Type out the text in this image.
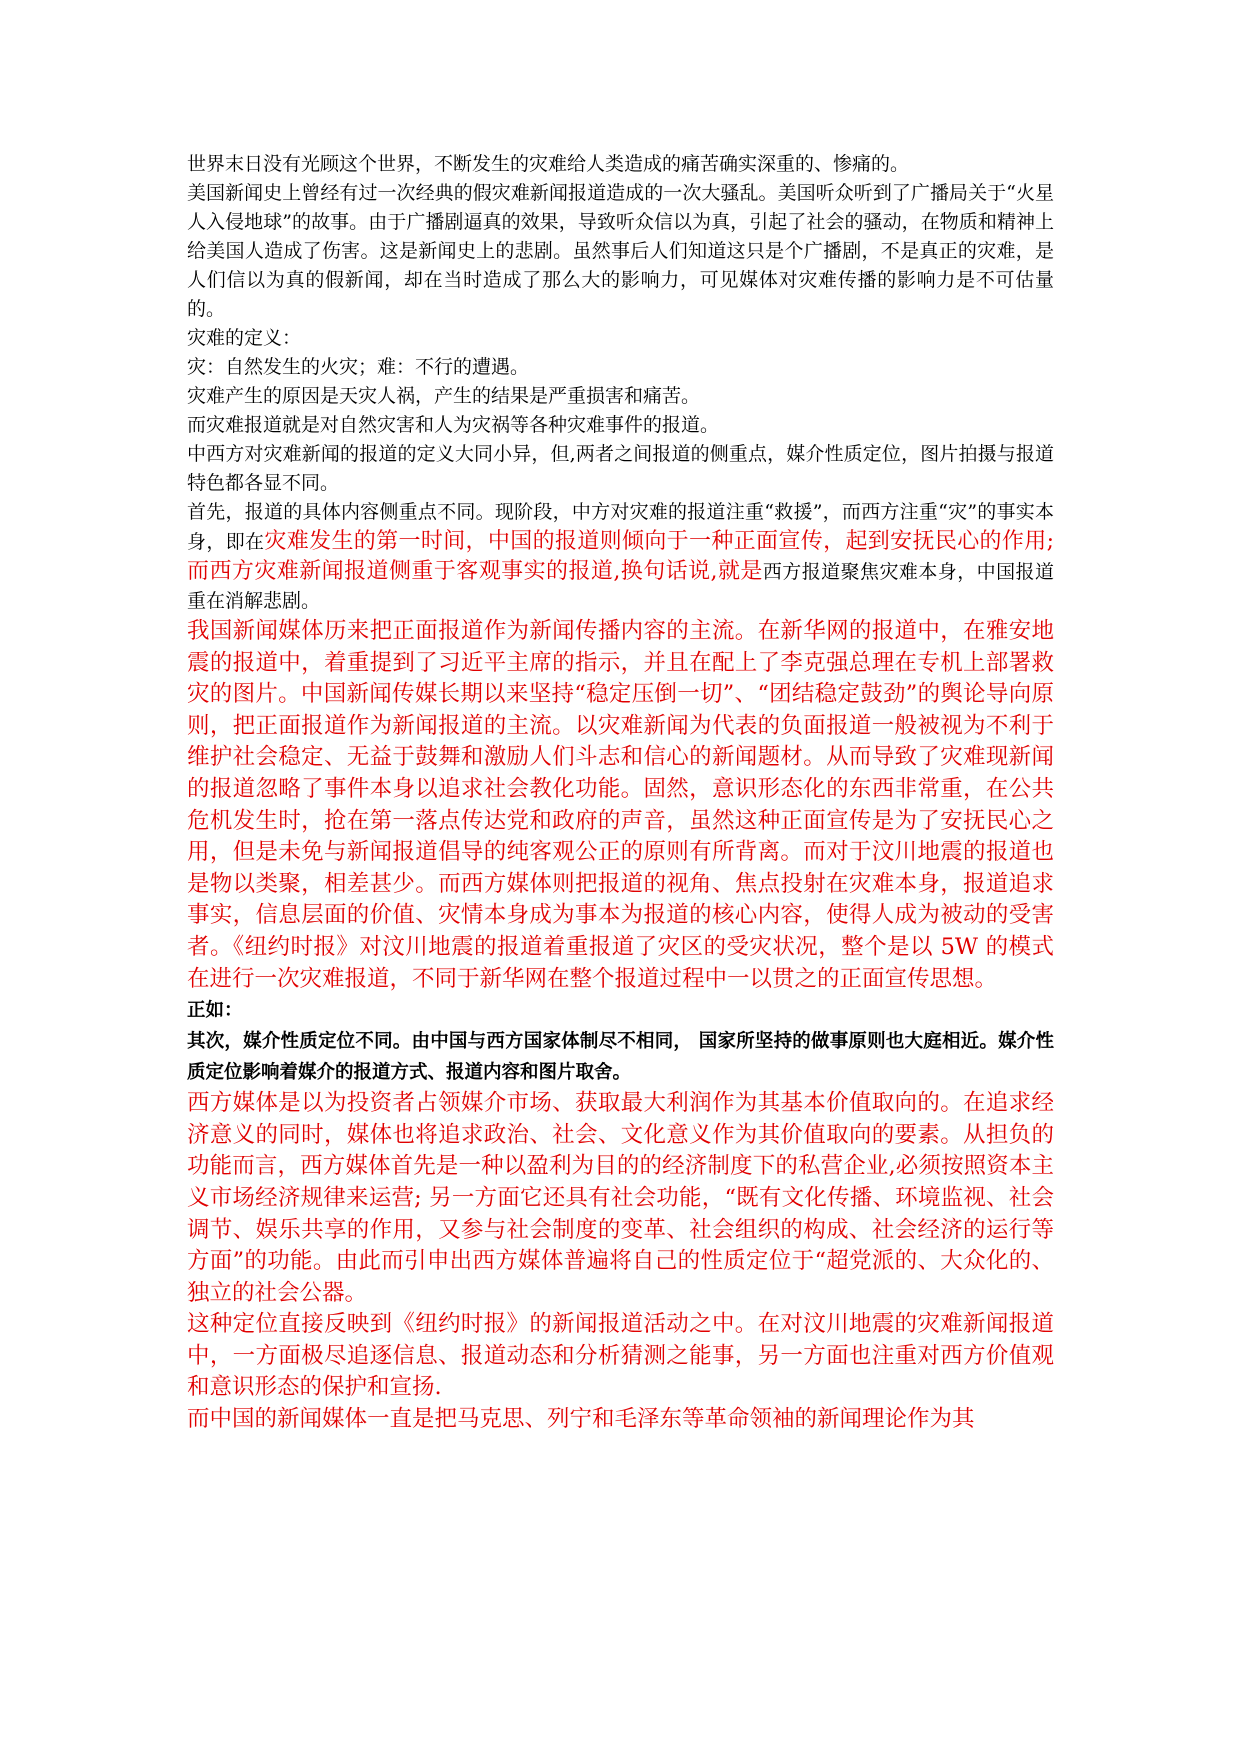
世界末日没有光顾这个世界，不断发生的灾难给人类造成的痛苦确实深重的、惨痛的。

美国新闻史上曾经有过一次经典的假灾难新闻报道造成的一次大骚乱。美国听众听到了广播局关于“火星人入侵地球”的故事。由于广播剧逼真的效果，导致听众信以为真，引起了社会的骚动，在物质和精神上给美国人造成了伤害。这是新闻史上的悲剧。虽然事后人们知道这只是个广播剧，不是真正的灾难，是人们信以为真的假新闻，却在当时造成了那么大的影响力，可见媒体对灾难传播的影响力是不可估量的。

灾难的定义：

灾：自然发生的火灾；难：不行的遭遇。

灾难产生的原因是天灾人祸，产生的结果是严重损害和痛苦。

而灾难报道就是对自然灾害和人为灾祸等各种灾难事件的报道。

中西方对灾难新闻的报道的定义大同小异，但,两者之间报道的侧重点，媒介性质定位，图片拍摄与报道特色都各显不同。

首先，报道的具体内容侧重点不同。现阶段，中方对灾难的报道注重“救援”，而西方注重“灾”的事实本身，即在灾难发生的第一时间，中国的报道则倾向于一种正面宣传，起到安抚民心的作用; 而西方灾难新闻报道侧重于客观事实的报道,换句话说,就是西方报道聚焦灾难本身，中国报道重在消解悲剧。

我国新闻媒体历来把正面报道作为新闻传播内容的主流。在新华网的报道中，在雅安地震的报道中，着重提到了习近平主席的指示，并且在配上了李克强总理在专机上部署救灾的图片。中国新闻传媒长期以来坚持“稳定压倒一切”、“团结稳定鼓劲”的舆论导向原则，把正面报道作为新闻报道的主流。以灾难新闻为代表的负面报道一般被视为不利于维护社会稳定、无益于鼓舞和激励人们斗志和信心的新闻题材。从而导致了灾难现新闻的报道忽略了事件本身以追求社会教化功能。固然，意识形态化的东西非常重，在公共危机发生时，抢在第一落点传达党和政府的声音，虽然这种正面宣传是为了安抚民心之用，但是未免与新闻报道倡导的纯客观公正的原则有所背离。而对于汶川地震的报道也是物以类聚，相差甚少。而西方媒体则把报道的视角、焦点投射在灾难本身，报道追求事实，信息层面的价值、灾情本身成为事本为报道的核心内容，使得人成为被动的受害者。《纽约时报》对汶川地震的报道着重报道了灾区的受灾状况，整个是以 5W 的模式在进行一次灾难报道，不同于新华网在整个报道过程中一以贯之的正面宣传思想。

正如：

其次，媒介性质定位不同。由中国与西方国家体制尽不相同， 国家所坚持的做事原则也大庭相近。媒介性质定位影响着媒介的报道方式、报道内容和图片取舍。

西方媒体是以为投资者占领媒介市场、获取最大利润作为其基本价值取向的。在追求经济意义的同时，媒体也将追求政治、社会、文化意义作为其价值取向的要素。从担负的功能而言，西方媒体首先是一种以盈利为目的的经济制度下的私营企业,必须按照资本主义市场经济规律来运营; 另一方面它还具有社会功能，“既有文化传播、环境监视、社会调节、娱乐共享的作用，又参与社会制度的变革、社会组织的构成、社会经济的运行等方面”的功能。由此而引申出西方媒体普遍将自己的性质定位于“超党派的、大众化的、独立的社会公器。

这种定位直接反映到《纽约时报》的新闻报道活动之中。在对汶川地震的灾难新闻报道中，一方面极尽追逐信息、报道动态和分析猜测之能事，另一方面也注重对西方价值观和意识形态的保护和宣扬.

而中国的新闻媒体一直是把马克思、列宁和毛泽东等革命领袖的新闻理论作为其
